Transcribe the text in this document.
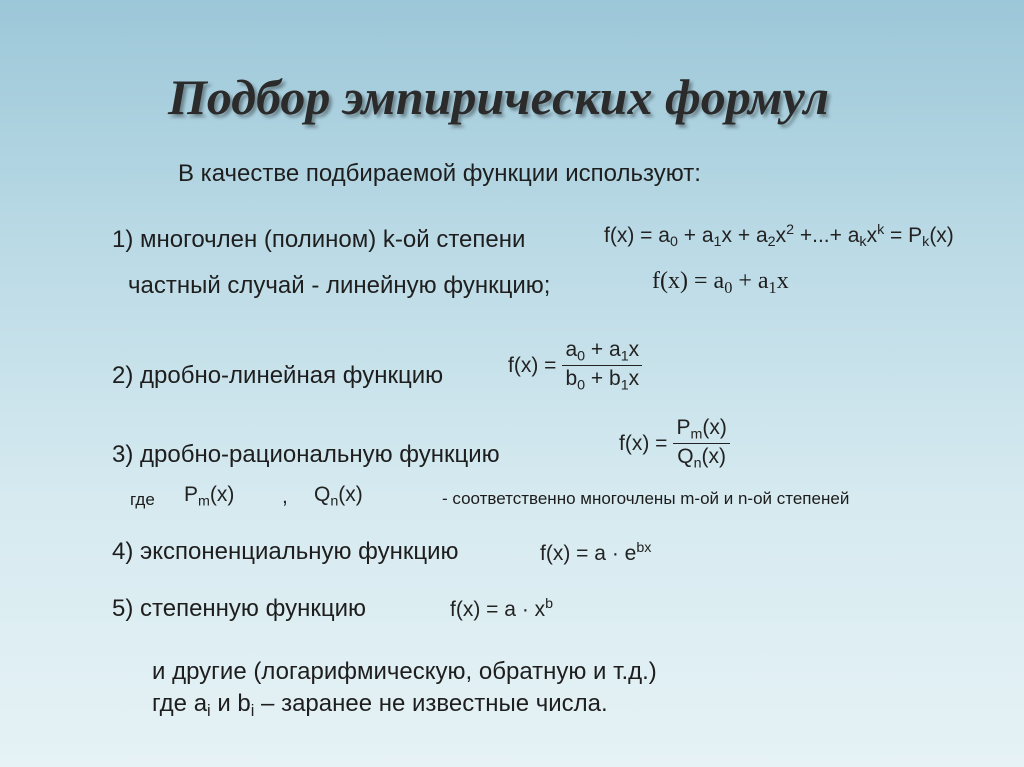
Подбор эмпирических формул
В качестве подбираемой функции используют:
1) многочлен (полином) k-ой степени	$f(x) = a_0 + a_1x + a_2x^2$ +...+ $a_kx^k = P_k(x)$
частный случай - линейную функцию;	$f(x) = a_0 + a_1x$
2) дробно-линейная функцию	$f(x) = \frac{a_0 + a_1x}{b_0 + b_1x}$
3) дробно-рациональную функцию	$f(x) = \frac{P_m(x)}{Q_n(x)}$
где $P_m(x)$ , $Q_n(x)$	- соответственно многочлены m-ой и n-ой степеней
4) экспоненциальную функцию	$f(x) = a \cdot e^{bx}$
5) степенную функцию	$f(x) = a \cdot x^b$
и другие (логарифмическую, обратную и т.д.)
где $a_i$ и $b_i$ – заранее не известные числа.
